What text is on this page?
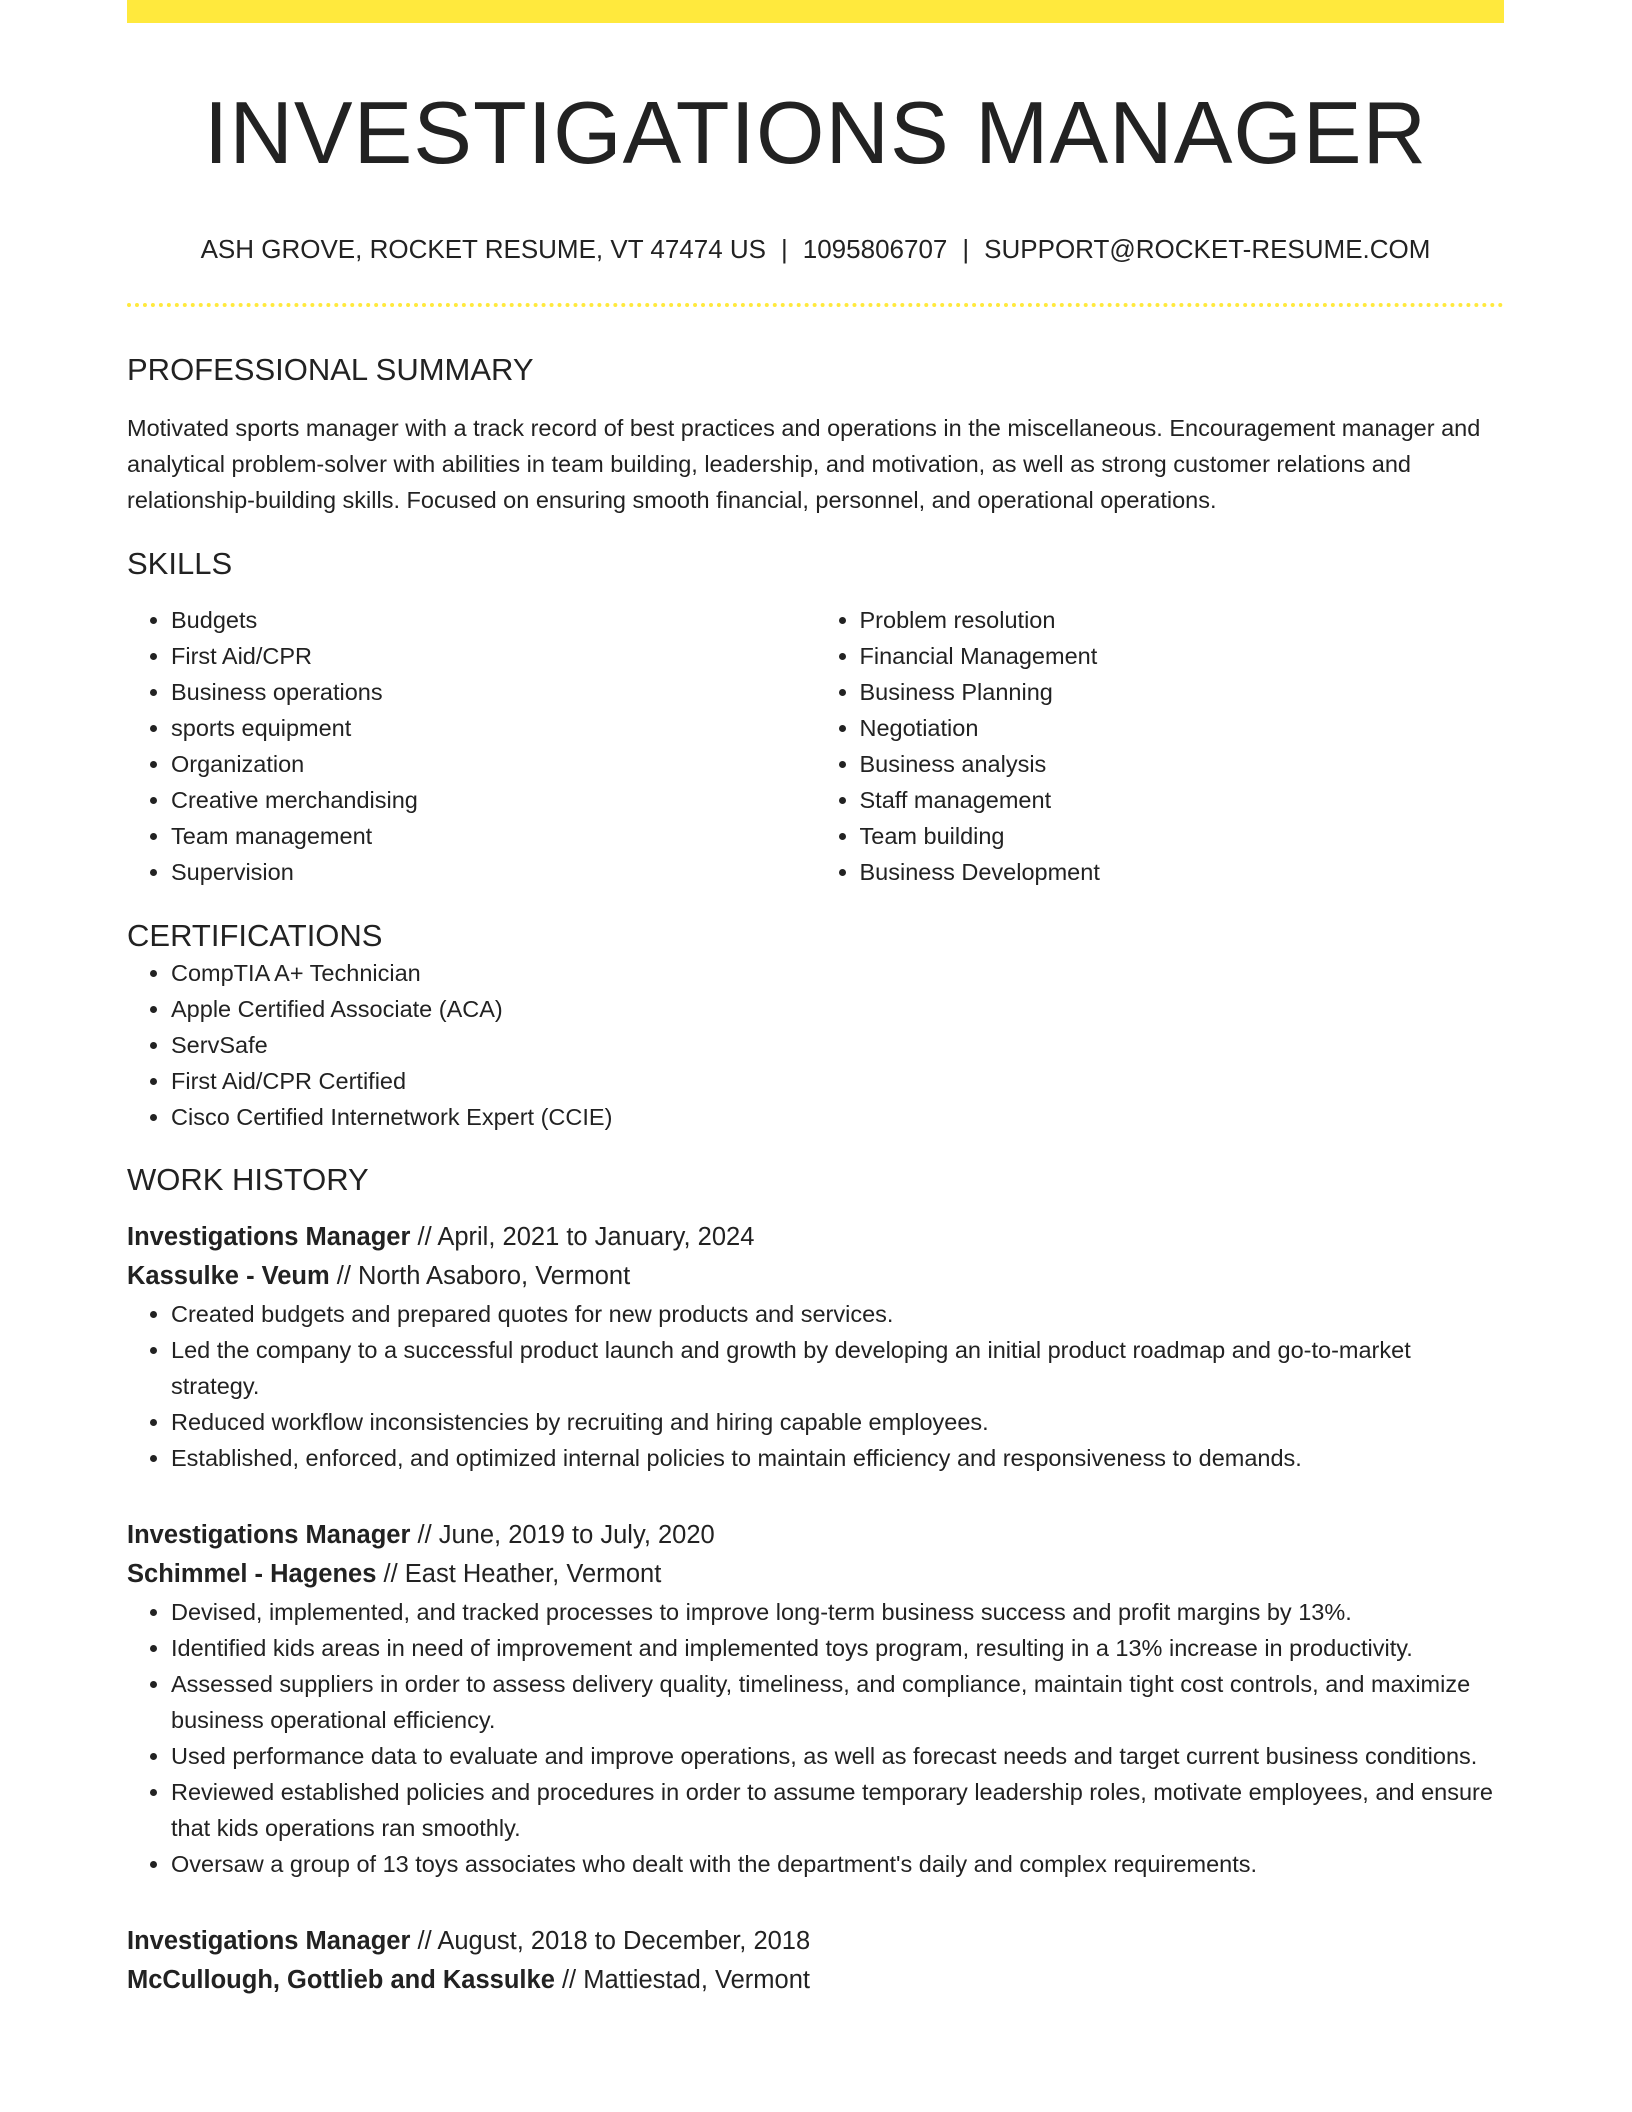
INVESTIGATIONS MANAGER
ASH GROVE, ROCKET RESUME, VT 47474 US | 1095806707 | SUPPORT@ROCKET-RESUME.COM
PROFESSIONAL SUMMARY
Motivated sports manager with a track record of best practices and operations in the miscellaneous. Encouragement manager and analytical problem-solver with abilities in team building, leadership, and motivation, as well as strong customer relations and relationship-building skills. Focused on ensuring smooth financial, personnel, and operational operations.
SKILLS
• Budgets
• First Aid/CPR
• Business operations
• sports equipment
• Organization
• Creative merchandising
• Team management
• Supervision
• Problem resolution
• Financial Management
• Business Planning
• Negotiation
• Business analysis
• Staff management
• Team building
• Business Development
CERTIFICATIONS
• CompTIA A+ Technician
• Apple Certified Associate (ACA)
• ServSafe
• First Aid/CPR Certified
• Cisco Certified Internetwork Expert (CCIE)
WORK HISTORY
Investigations Manager // April, 2021 to January, 2024
Kassulke - Veum // North Asaboro, Vermont
• Created budgets and prepared quotes for new products and services.
• Led the company to a successful product launch and growth by developing an initial product roadmap and go-to-market strategy.
• Reduced workflow inconsistencies by recruiting and hiring capable employees.
• Established, enforced, and optimized internal policies to maintain efficiency and responsiveness to demands.
Investigations Manager // June, 2019 to July, 2020
Schimmel - Hagenes // East Heather, Vermont
• Devised, implemented, and tracked processes to improve long-term business success and profit margins by 13%.
• Identified kids areas in need of improvement and implemented toys program, resulting in a 13% increase in productivity.
• Assessed suppliers in order to assess delivery quality, timeliness, and compliance, maintain tight cost controls, and maximize business operational efficiency.
• Used performance data to evaluate and improve operations, as well as forecast needs and target current business conditions.
• Reviewed established policies and procedures in order to assume temporary leadership roles, motivate employees, and ensure that kids operations ran smoothly.
• Oversaw a group of 13 toys associates who dealt with the department's daily and complex requirements.
Investigations Manager // August, 2018 to December, 2018
McCullough, Gottlieb and Kassulke // Mattiestad, Vermont
